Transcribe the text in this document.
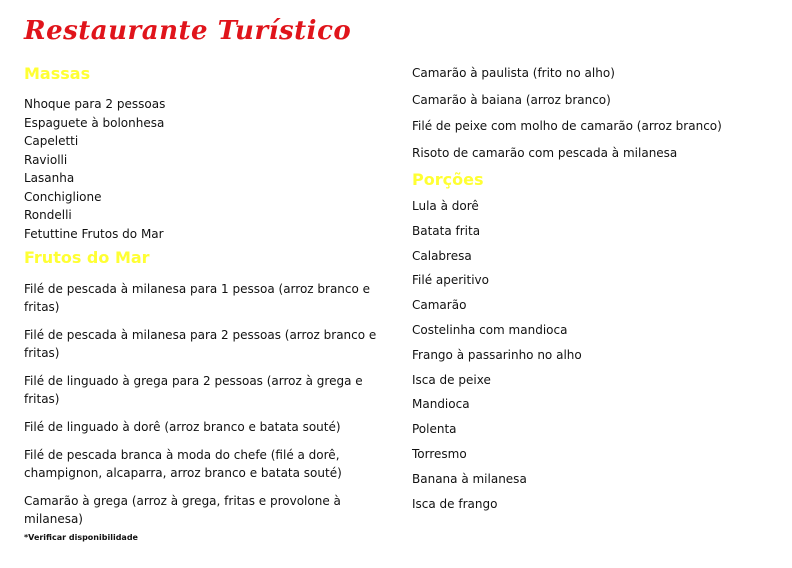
Restaurante Turístico

Massas

Nhoque para 2 pessoas

Espaguete à bolonhesa

Capeletti

Raviolli

Lasanha

Conchiglione

Rondelli

Fetuttine Frutos do Mar

Frutos do Mar

Filé de pescada à milanesa para 1 pessoa (arroz branco e
fritas)

Filé de pescada à milanesa para 2 pessoas (arroz branco e
fritas)

Filé de linguado à grega para 2 pessoas (arroz à grega e
fritas)

Filé de linguado à dorê (arroz branco e batata souté)

Filé de pescada branca à moda do chefe (filé a dorê,
champignon, alcaparra, arroz branco e batata souté)

Camarão à grega (arroz à grega, fritas e provolone à
milanesa)

Camarão à paulista (frito no alho)

Camarão à baiana (arroz branco)

Filé de peixe com molho de camarão (arroz branco)

Risoto de camarão com pescada à milanesa

Porções

Lula à dorê

Batata frita

Calabresa

Filé aperitivo

Camarão

Costelinha com mandioca

Frango à passarinho no alho

Isca de peixe

Mandioca

Polenta

Torresmo

Banana à milanesa

Isca de frango

*Verificar disponibilidade
